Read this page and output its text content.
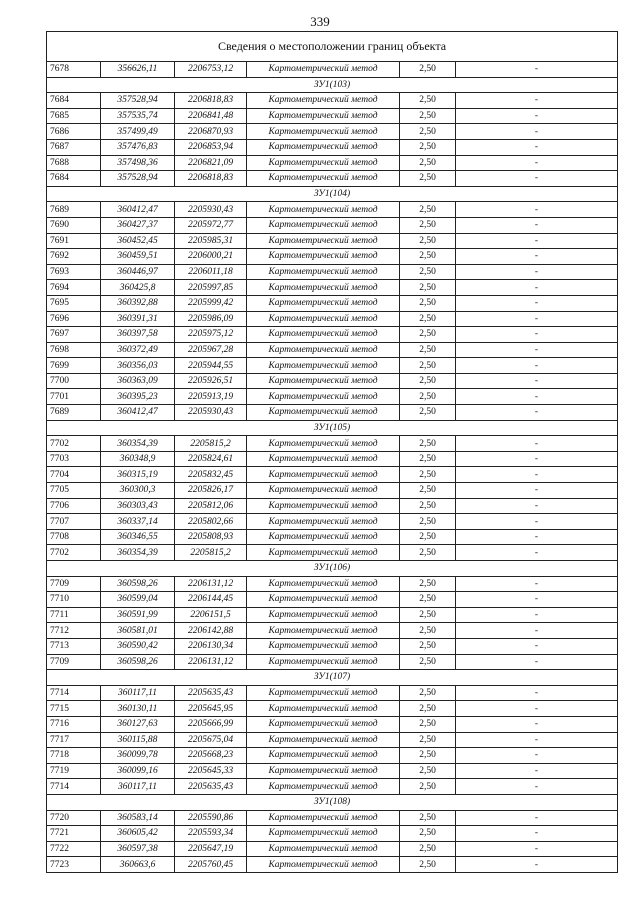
339
Сведения о местоположении границ объекта					
7678	356626,11	2206753,12	Картометрический метод	2,50	-
ЗУ1(103)					
7684	357528,94	2206818,83	Картометрический метод	2,50	-
7685	357535,74	2206841,48	Картометрический метод	2,50	-
7686	357499,49	2206870,93	Картометрический метод	2,50	-
7687	357476,83	2206853,94	Картометрический метод	2,50	-
7688	357498,36	2206821,09	Картометрический метод	2,50	-
7684	357528,94	2206818,83	Картометрический метод	2,50	-
ЗУ1(104)					
7689	360412,47	2205930,43	Картометрический метод	2,50	-
7690	360427,37	2205972,77	Картометрический метод	2,50	-
7691	360452,45	2205985,31	Картометрический метод	2,50	-
7692	360459,51	2206000,21	Картометрический метод	2,50	-
7693	360446,97	2206011,18	Картометрический метод	2,50	-
7694	360425,8	2205997,85	Картометрический метод	2,50	-
7695	360392,88	2205999,42	Картометрический метод	2,50	-
7696	360391,31	2205986,09	Картометрический метод	2,50	-
7697	360397,58	2205975,12	Картометрический метод	2,50	-
7698	360372,49	2205967,28	Картометрический метод	2,50	-
7699	360356,03	2205944,55	Картометрический метод	2,50	-
7700	360363,09	2205926,51	Картометрический метод	2,50	-
7701	360395,23	2205913,19	Картометрический метод	2,50	-
7689	360412,47	2205930,43	Картометрический метод	2,50	-
ЗУ1(105)					
7702	360354,39	2205815,2	Картометрический метод	2,50	-
7703	360348,9	2205824,61	Картометрический метод	2,50	-
7704	360315,19	2205832,45	Картометрический метод	2,50	-
7705	360300,3	2205826,17	Картометрический метод	2,50	-
7706	360303,43	2205812,06	Картометрический метод	2,50	-
7707	360337,14	2205802,66	Картометрический метод	2,50	-
7708	360346,55	2205808,93	Картометрический метод	2,50	-
7702	360354,39	2205815,2	Картометрический метод	2,50	-
ЗУ1(106)					
7709	360598,26	2206131,12	Картометрический метод	2,50	-
7710	360599,04	2206144,45	Картометрический метод	2,50	-
7711	360591,99	2206151,5	Картометрический метод	2,50	-
7712	360581,01	2206142,88	Картометрический метод	2,50	-
7713	360590,42	2206130,34	Картометрический метод	2,50	-
7709	360598,26	2206131,12	Картометрический метод	2,50	-
ЗУ1(107)					
7714	360117,11	2205635,43	Картометрический метод	2,50	-
7715	360130,11	2205645,95	Картометрический метод	2,50	-
7716	360127,63	2205666,99	Картометрический метод	2,50	-
7717	360115,88	2205675,04	Картометрический метод	2,50	-
7718	360099,78	2205668,23	Картометрический метод	2,50	-
7719	360099,16	2205645,33	Картометрический метод	2,50	-
7714	360117,11	2205635,43	Картометрический метод	2,50	-
ЗУ1(108)					
7720	360583,14	2205590,86	Картометрический метод	2,50	-
7721	360605,42	2205593,34	Картометрический метод	2,50	-
7722	360597,38	2205647,19	Картометрический метод	2,50	-
7723	360663,6	2205760,45	Картометрический метод	2,50	-
